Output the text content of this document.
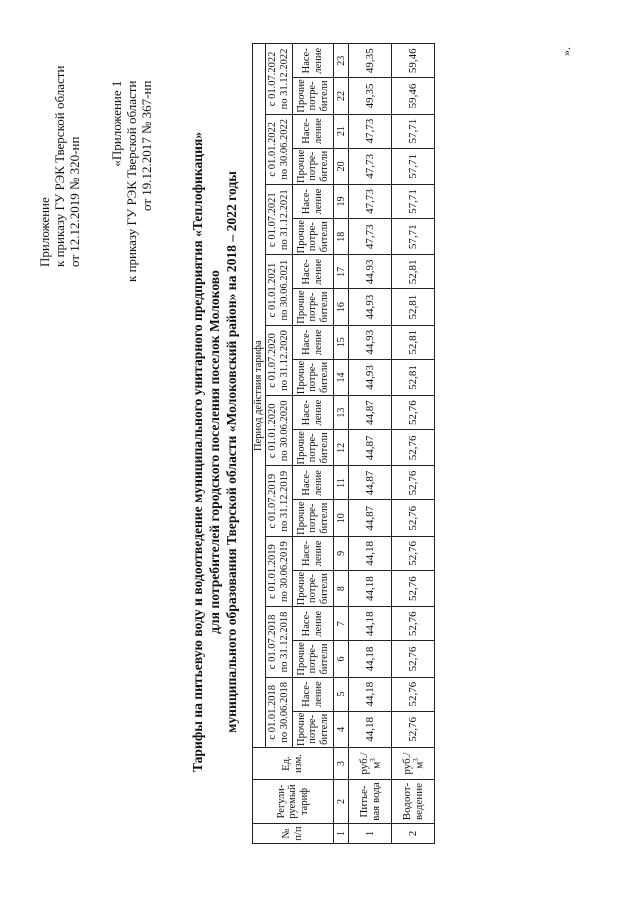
Приложение к приказу ГУ РЭК Тверской области от 12.12.2019 № 320-нп
«Приложение 1 к приказу ГУ РЭК Тверской области от 19.12.2017 № 367-нп	Тарифы на питьевую воду и водоотведение муниципального унитарного предприятия «Теплофикация» для потребителей городского поселения поселок Молоково муниципального образования Тверской области «Молоковский район» на 2018 – 2022 годы
№ п/п	Регули-руемый тариф	Ед. изм.	Период действия тарифа																			
			с 01.01.2018 по 30.06.2018		с 01.07.2018 по 31.12.2018		с 01.01.2019 по 30.06.2019		с 01.07.2019 по 31.12.2019		с 01.01.2020 по 30.06.2020		с 01.07.2020 по 31.12.2020		с 01.01.2021 по 30.06.2021		с 01.07.2021 по 31.12.2021		с 01.01.2022 по 30.06.2022		с 01.07.2022 по 31.12.2022	
			Прочие потре-бители	Насе-ление	Прочие потре-бители	Насе-ление	Прочие потре-бители	Насе-ление	Прочие потре-бители	Насе-ление	Прочие потре-бители	Насе-ление	Прочие потре-бители	Насе-ление	Прочие потре-бители	Насе-ление	Прочие потре-бители	Насе-ление	Прочие потре-бители	Насе-ление	Прочие потре-бители	Насе-ление
1	2	3	4	5	6	7	8	9	10	11	12	13	14	15	16	17	18	19	20	21	22	23
1	Питье-вая вода	$руб./м^3$	44,18	44,18	44,18	44,18	44,18	44,18	44,87	44,87	44,87	44,87	44,93	44,93	44,93	44,93	47,73	47,73	47,73	47,73	49,35	49,35
2	Водоот-ведение	$руб./м^3$	52,76	52,76	52,76	52,76	52,76	52,76	52,76	52,76	52,76	52,76	52,81	52,81	52,81	52,81	57,71	57,71	57,71	57,71	59,46	59,46	».
